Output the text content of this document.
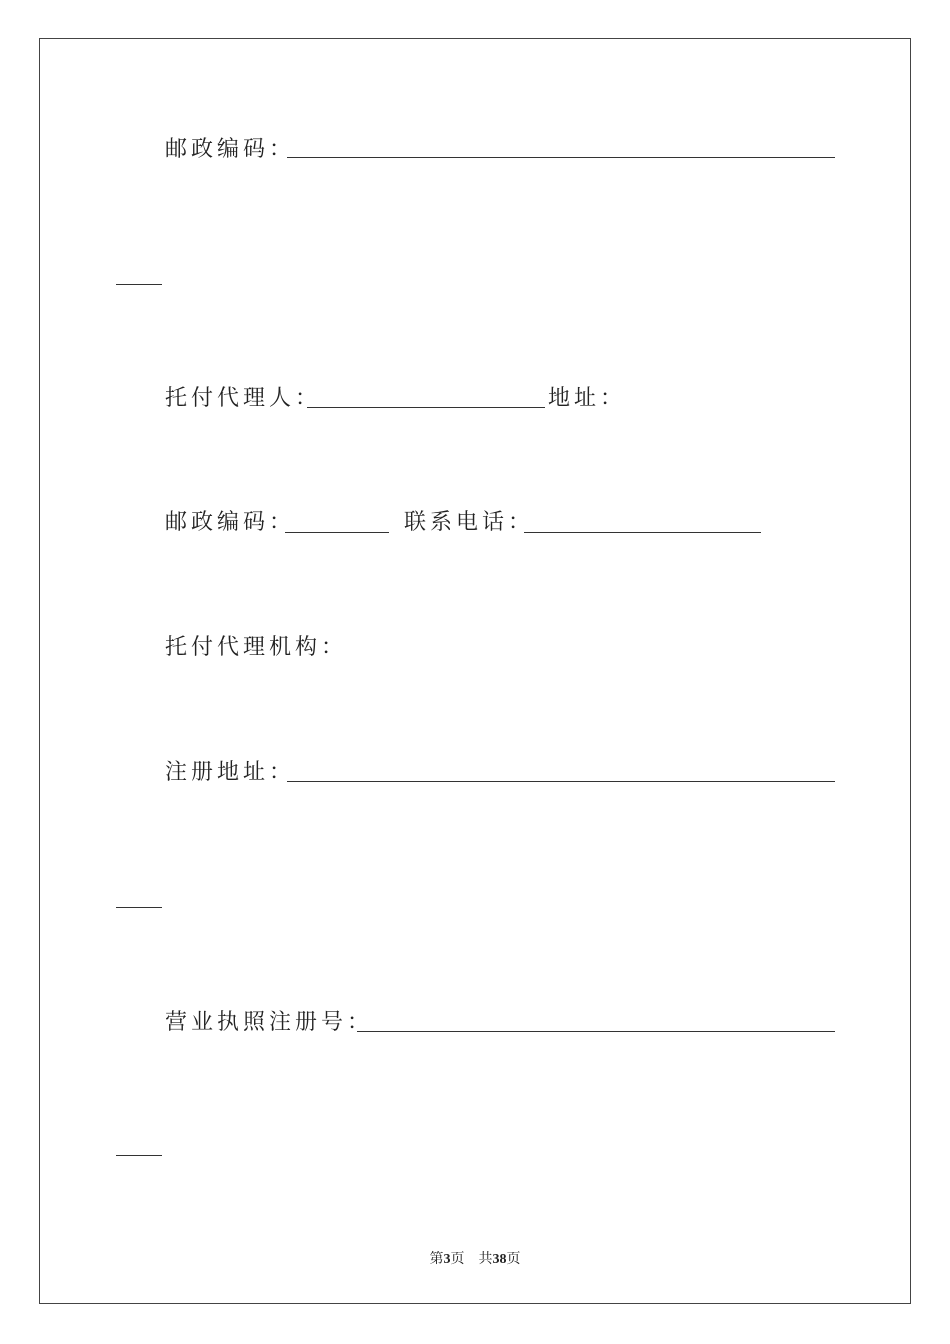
邮政编码：
托付代理人：	地址：
邮政编码：	联系电话：
托付代理机构：
注册地址：
营业执照注册号：
第3页 共38页
